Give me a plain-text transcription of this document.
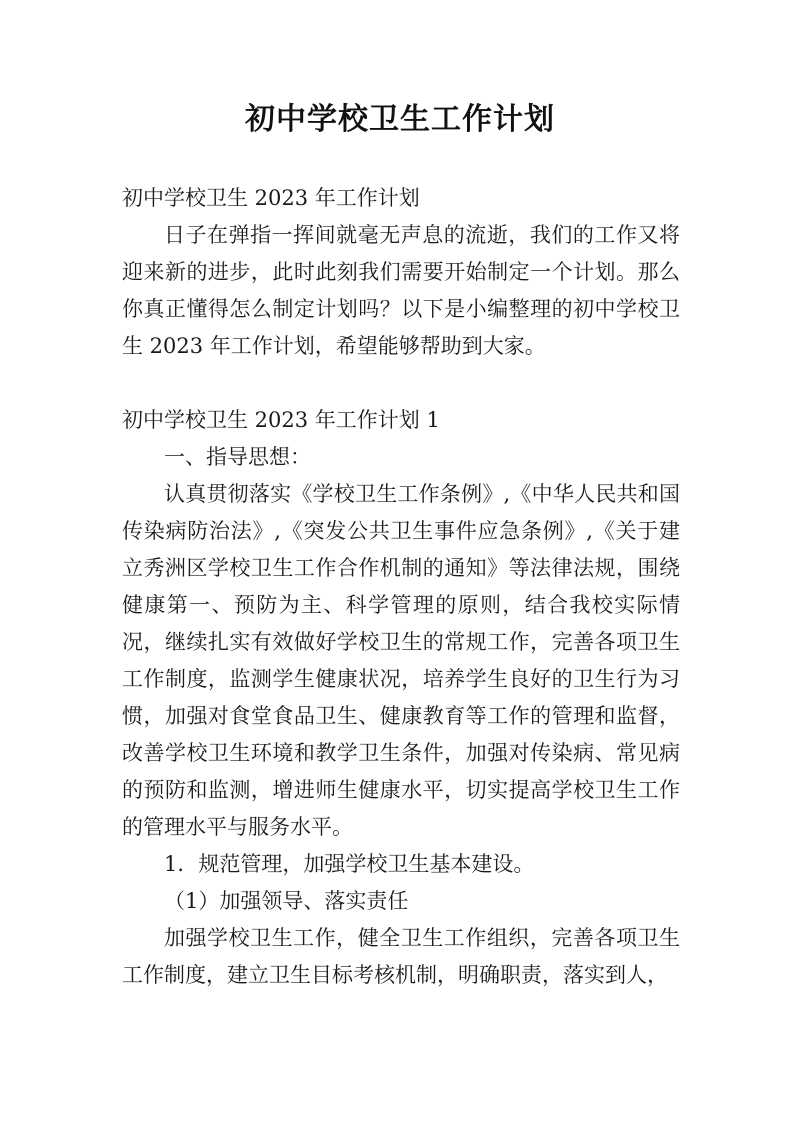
初中学校卫生工作计划

初中学校卫生 2023 年工作计划

日子在弹指一挥间就毫无声息的流逝，我们的工作又将迎来新的进步，此时此刻我们需要开始制定一个计划。那么你真正懂得怎么制定计划吗？以下是小编整理的初中学校卫生 2023 年工作计划，希望能够帮助到大家。

初中学校卫生 2023 年工作计划 1

一、指导思想：

认真贯彻落实《学校卫生工作条例》,《中华人民共和国传染病防治法》,《突发公共卫生事件应急条例》,《关于建立秀洲区学校卫生工作合作机制的通知》等法律法规，围绕健康第一、预防为主、科学管理的原则，结合我校实际情况，继续扎实有效做好学校卫生的常规工作，完善各项卫生工作制度，监测学生健康状况，培养学生良好的卫生行为习惯，加强对食堂食品卫生、健康教育等工作的管理和监督，改善学校卫生环境和教学卫生条件，加强对传染病、常见病的预防和监测，增进师生健康水平，切实提高学校卫生工作的管理水平与服务水平。

1．规范管理，加强学校卫生基本建设。

（1）加强领导、落实责任

加强学校卫生工作，健全卫生工作组织，完善各项卫生工作制度，建立卫生目标考核机制，明确职责，落实到人，
